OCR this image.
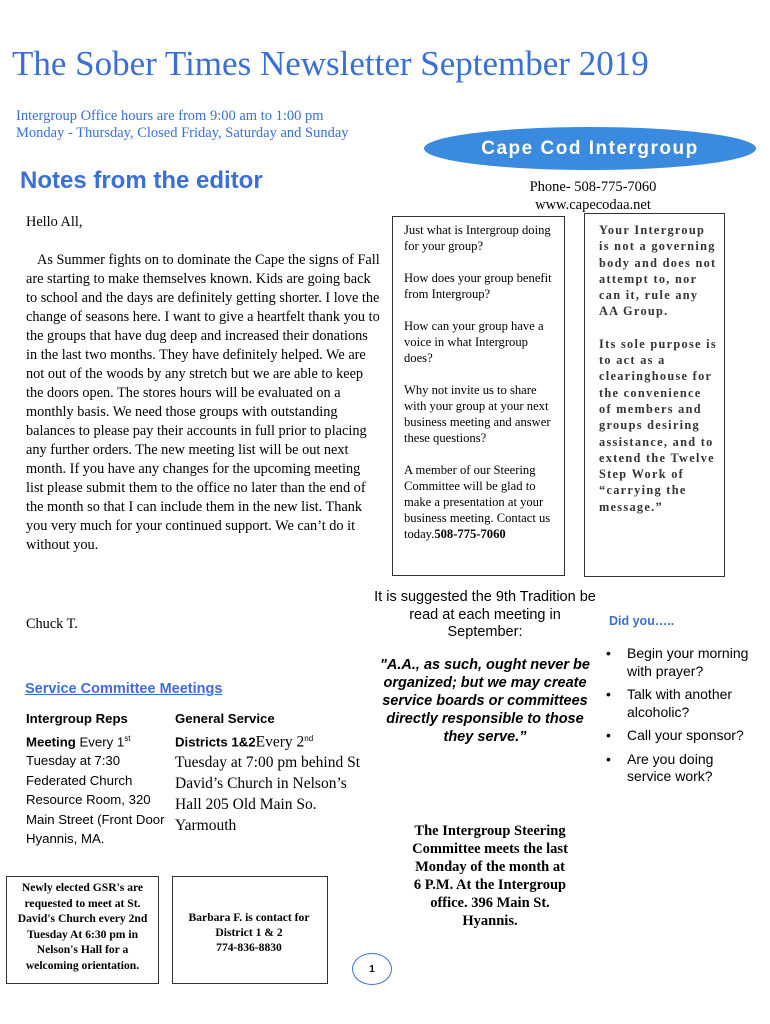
The Sober Times Newsletter September 2019
Intergroup Office hours are from 9:00 am to 1:00 pm
Monday - Thursday, Closed Friday, Saturday and Sunday
Cape Cod Intergroup
Phone- 508-775-7060
www.capecodaa.net
Notes from the editor

Hello All,

As Summer fights on to dominate the Cape the signs of Fall are starting to make themselves known. Kids are going back to school and the days are definitely getting shorter. I love the change of seasons here. I want to give a heartfelt thank you to the groups that have dug deep and increased their donations in the last two months. They have definitely helped. We are not out of the woods by any stretch but we are able to keep the doors open. The stores hours will be evaluated on a monthly basis. We need those groups with outstanding balances to please pay their accounts in full prior to placing any further orders. The new meeting list will be out next month. If you have any changes for the upcoming meeting list please submit them to the office no later than the end of the month so that I can include them in the new list. Thank you very much for your continued support. We can’t do it without you.

Chuck T.

Just what is Intergroup doing for your group?

How does your group benefit from Intergroup?

How can your group have a voice in what Intergroup does?

Why not invite us to share with your group at your next business meeting and answer these questions?

A member of our Steering Committee will be glad to make a presentation at your business meeting. Contact us today.508-775-7060

Your Intergroup is not a governing body and does not attempt to, nor can it, rule any AA Group.

Its sole purpose is to act as a clearinghouse for the convenience of members and groups desiring assistance, and to extend the Twelve Step Work of “carrying the message.”

It is suggested the 9th Tradition be read at each meeting in September:
"A.A., as such, ought never be organized; but we may create service boards or committees directly responsible to those they serve.”
Did you…..
• Begin your morning with prayer?
• Talk with another alcoholic?
• Call your sponsor?
• Are you doing service work?
Service Committee Meetings
Intergroup Reps
Meeting Every 1st Tuesday at 7:30 Federated Church Resource Room, 320 Main Street (Front Door Hyannis, MA.
General Service
Districts 1&2Every 2nd Tuesday at 7:00 pm behind St David’s Church in Nelson’s Hall 205 Old Main So. Yarmouth	The Intergroup Steering Committee meets the last Monday of the month at 6 P.M. At the Intergroup office. 396 Main St. Hyannis.
Newly elected GSR's are requested to meet at St. David's Church every 2nd Tuesday At 6:30 pm in Nelson's Hall for a welcoming orientation.
Barbara F. is contact for
District 1 & 2
774-836-8830
1
